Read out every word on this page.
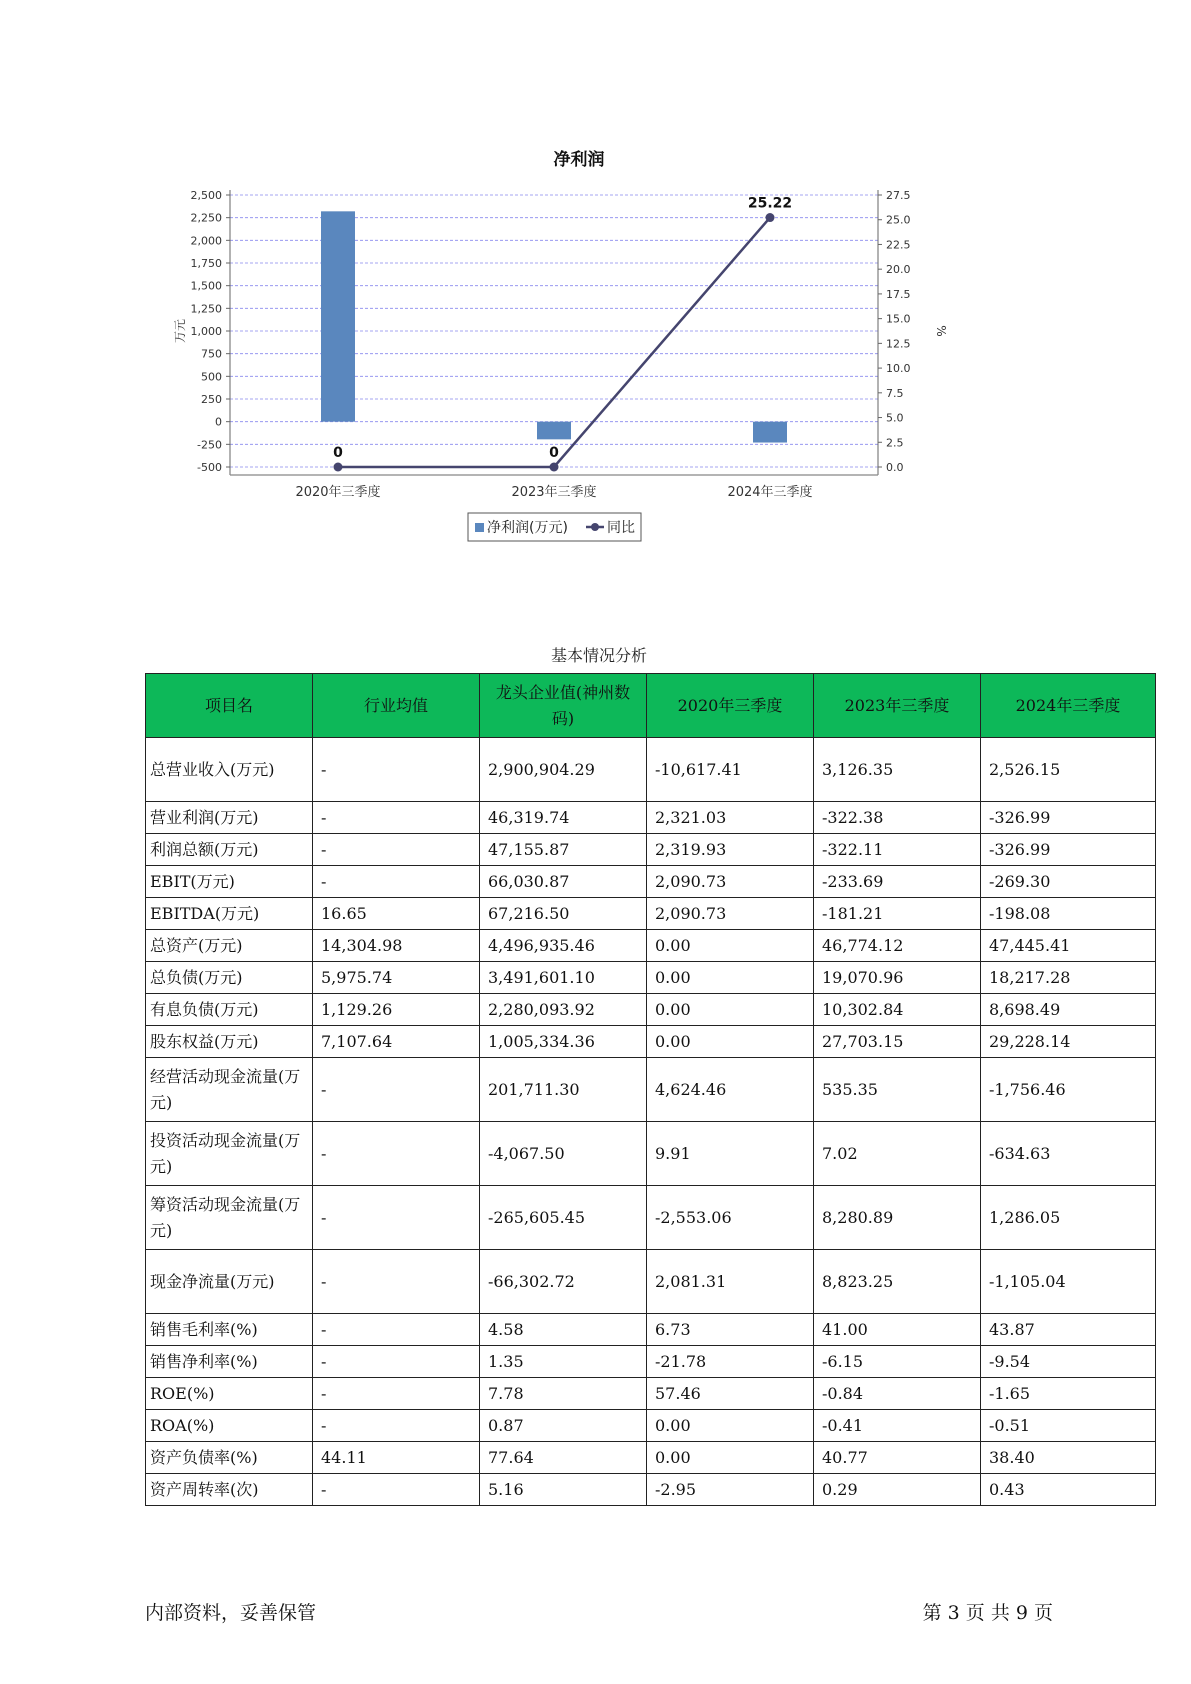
净利润
-500
-250
0
250
500
750
1,000
1,250
1,500
1,750
2,000
2,250
2,500
万元
0.0
2.5
5.0
7.5
10.0
12.5
15.0
17.5
20.0
22.5
25.0
27.5
%
2020年三季度	2023年三季度	2024年三季度
0	0
25.22
净利润(万元)	同比
基本情况分析
项目名	行业均值	龙头企业值(神州数码)	2020年三季度	2023年三季度	2024年三季度
总营业收入(万元)	-	2,900,904.29	-10,617.41	3,126.35	2,526.15
营业利润(万元)	-	46,319.74	2,321.03	-322.38	-326.99
利润总额(万元)	-	47,155.87	2,319.93	-322.11	-326.99
EBIT(万元)	-	66,030.87	2,090.73	-233.69	-269.30
EBITDA(万元)	16.65	67,216.50	2,090.73	-181.21	-198.08
总资产(万元)	14,304.98	4,496,935.46	0.00	46,774.12	47,445.41
总负债(万元)	5,975.74	3,491,601.10	0.00	19,070.96	18,217.28
有息负债(万元)	1,129.26	2,280,093.92	0.00	10,302.84	8,698.49
股东权益(万元)	7,107.64	1,005,334.36	0.00	27,703.15	29,228.14
经营活动现金流量(万元)	-	201,711.30	4,624.46	535.35	-1,756.46
投资活动现金流量(万元)	-	-4,067.50	9.91	7.02	-634.63
筹资活动现金流量(万元)	-	-265,605.45	-2,553.06	8,280.89	1,286.05
现金净流量(万元)	-	-66,302.72	2,081.31	8,823.25	-1,105.04
销售毛利率(%)	-	4.58	6.73	41.00	43.87
销售净利率(%)	-	1.35	-21.78	-6.15	-9.54
ROE(%)	-	7.78	57.46	-0.84	-1.65
ROA(%)	-	0.87	0.00	-0.41	-0.51
资产负债率(%)	44.11	77.64	0.00	40.77	38.40
资产周转率(次)	-	5.16	-2.95	0.29	0.43
内部资料，妥善保管	第 3 页 共 9 页
